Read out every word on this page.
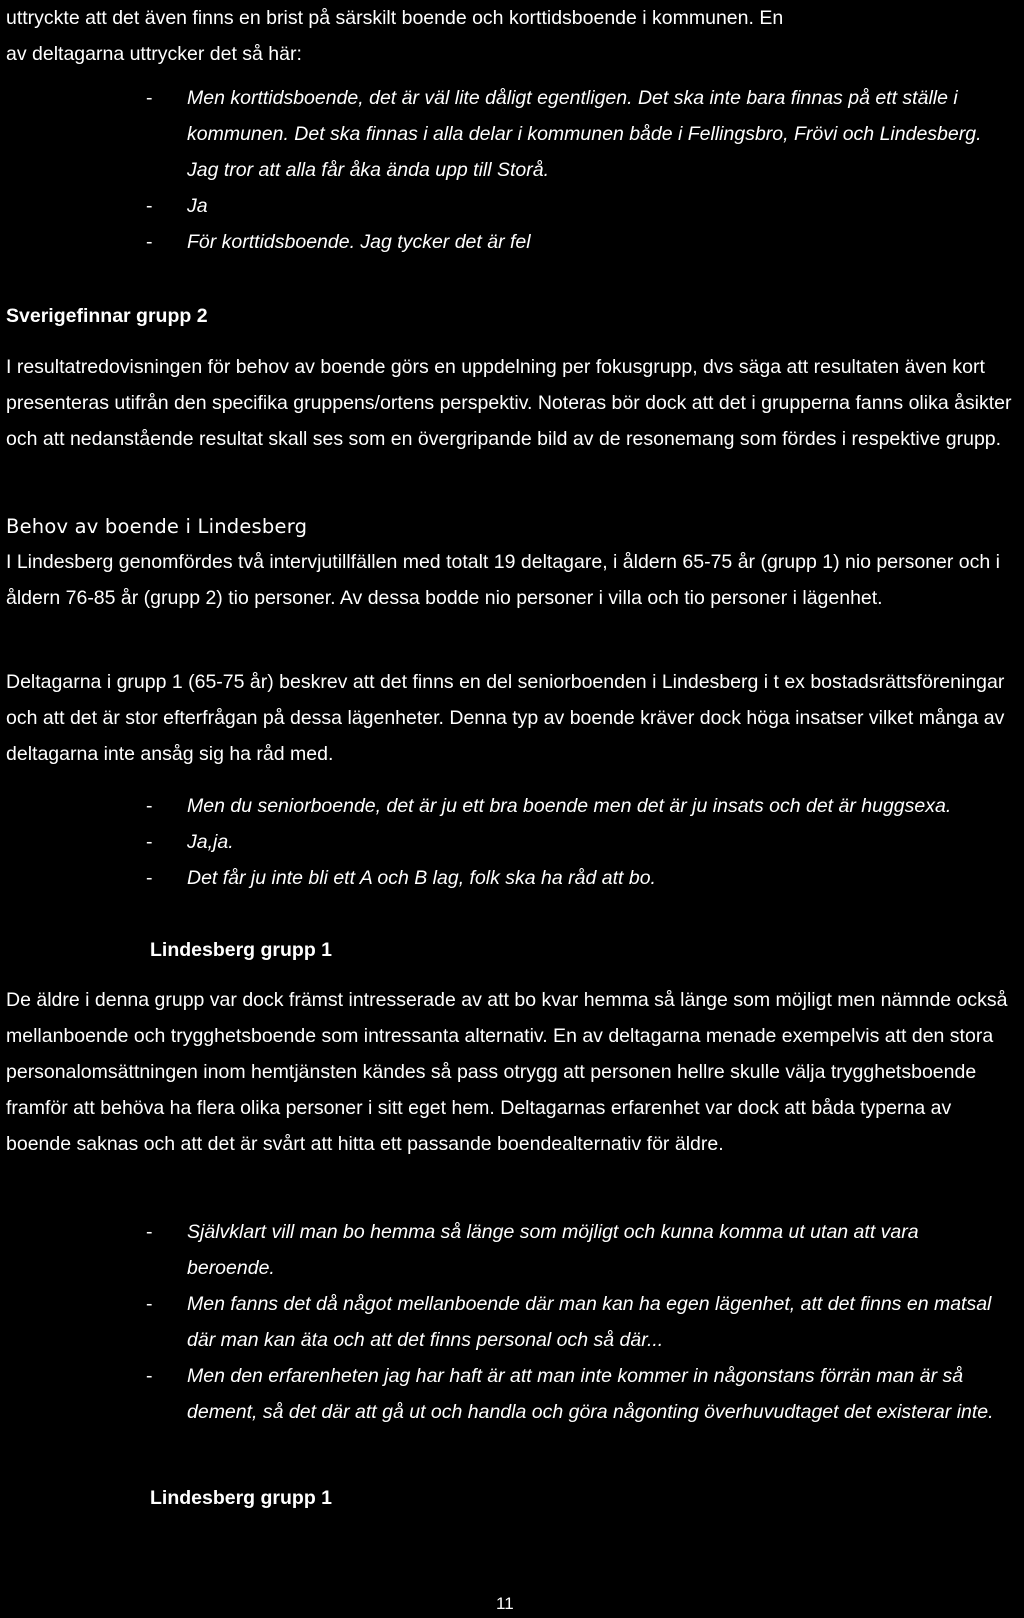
uttryckte att det även finns en brist på särskilt boende och korttidsboende i kommunen. En

av deltagarna uttrycker det så här:

- Men korttidsboende, det är väl lite dåligt egentligen. Det ska inte bara finnas på ett ställe i kommunen. Det ska finnas i alla delar i kommunen både i Fellingsbro, Frövi och Lindesberg. Jag tror att alla får åka ända upp till Storå.
- Ja
- För korttidsboende. Jag tycker det är fel
Sverigefinnar grupp 2

I resultatredovisningen för behov av boende görs en uppdelning per fokusgrupp, dvs säga att resultaten även kort presenteras utifrån den specifika gruppens/ortens perspektiv. Noteras bör dock att det i grupperna fanns olika åsikter och att nedanstående resultat skall ses som en övergripande bild av de resonemang som fördes i respektive grupp.

Behov av boende i Lindesberg

I Lindesberg genomfördes två intervjutillfällen med totalt 19 deltagare, i åldern 65-75 år (grupp 1) nio personer och i åldern 76-85 år (grupp 2) tio personer. Av dessa bodde nio personer i villa och tio personer i lägenhet.

Deltagarna i grupp 1 (65-75 år) beskrev att det finns en del seniorboenden i Lindesberg i t ex bostadsrättsföreningar och att det är stor efterfrågan på dessa lägenheter. Denna typ av boende kräver dock höga insatser vilket många av deltagarna inte ansåg sig ha råd med.

- Men du seniorboende, det är ju ett bra boende men det är ju insats och det är huggsexa.
- Ja,ja.
- Det får ju inte bli ett A och B lag, folk ska ha råd att bo.
Lindesberg grupp 1

De äldre i denna grupp var dock främst intresserade av att bo kvar hemma så länge som möjligt men nämnde också mellanboende och trygghetsboende som intressanta alternativ. En av deltagarna menade exempelvis att den stora personalomsättningen inom hemtjänsten kändes så pass otrygg att personen hellre skulle välja trygghetsboende framför att behöva ha flera olika personer i sitt eget hem. Deltagarnas erfarenhet var dock att båda typerna av boende saknas och att det är svårt att hitta ett passande boendealternativ för äldre.

- Självklart vill man bo hemma så länge som möjligt och kunna komma ut utan att vara beroende.
- Men fanns det då något mellanboende där man kan ha egen lägenhet, att det finns en matsal där man kan äta och att det finns personal och så där...
- Men den erfarenheten jag har haft är att man inte kommer in någonstans förrän man är så dement, så det där att gå ut och handla och göra någonting överhuvudtaget det existerar inte.
Lindesberg grupp 1
11
